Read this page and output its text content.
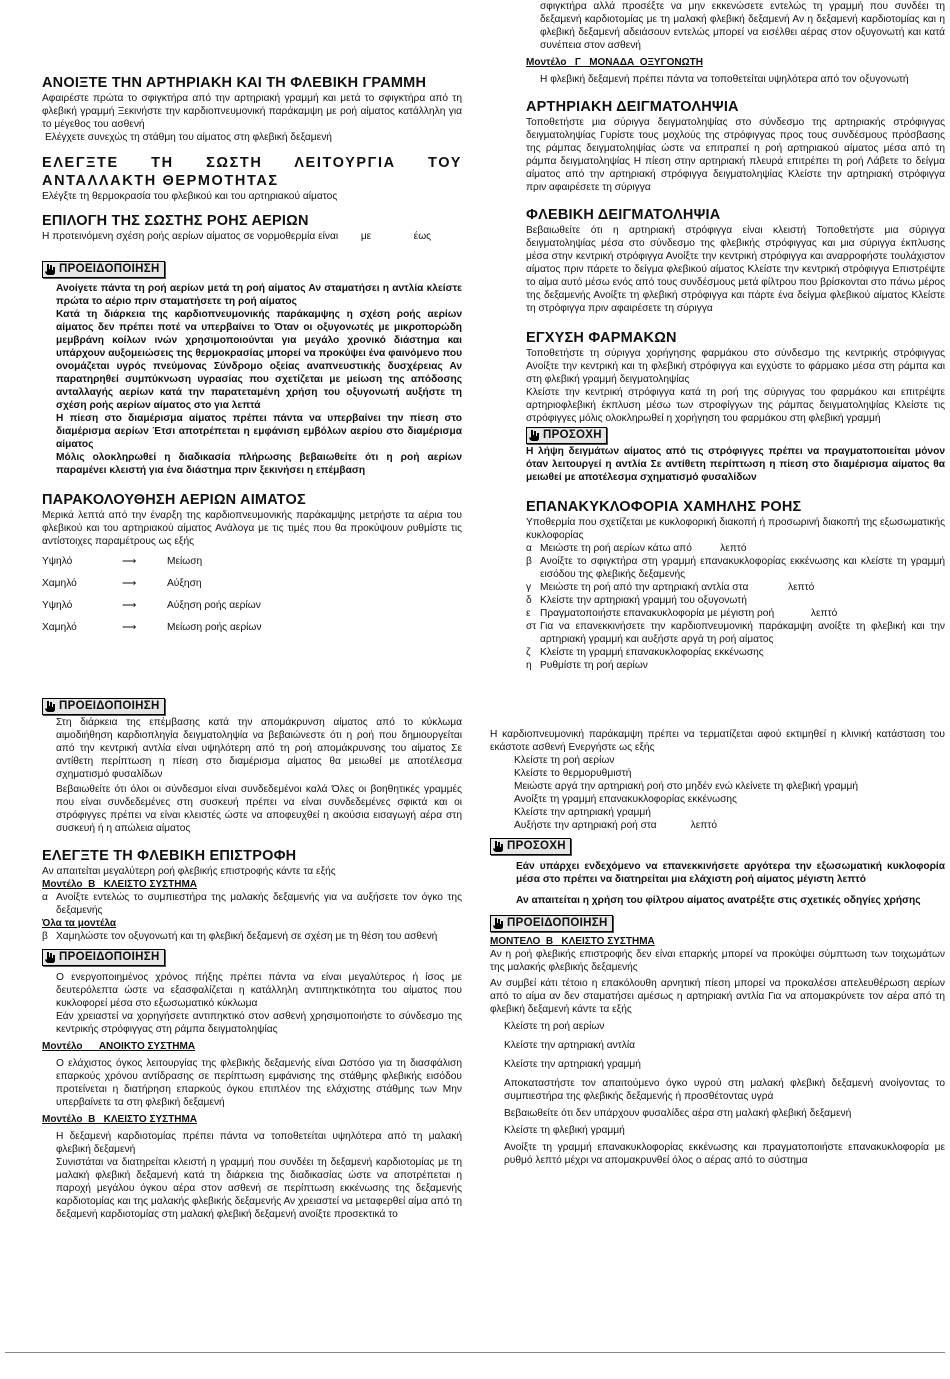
ΑΝΟΙΞΤΕ ΤΗΝ ΑΡΤΗΡΙΑΚΗ ΚΑΙ ΤΗ ΦΛΕΒΙΚΗ ΓΡΑΜΜΗ

Αφαιρέστε πρώτα το σφιγκτήρα από την αρτηριακή γραμμή και μετά το σφιγκτήρα από τη φλεβική γραμμή Ξεκινήστε την καρδιοπνευμονική παράκαμψη με ροή αίματος κατάλληλη για το μέγεθος του ασθενή

Ελέγχετε συνεχώς τη στάθμη του αίματος στη φλεβική δεξαμενή

ΕΛΕΓΞΤΕ ΤΗ ΣΩΣΤΗ ΛΕΙΤΟΥΡΓΙΑ ΤΟΥ ΑΝΤΑΛΛΑΚΤΗ ΘΕΡΜΟΤΗΤΑΣ

Ελέγξτε τη θερμοκρασία του φλεβικού και του αρτηριακού αίματος

ΕΠΙΛΟΓΗ ΤΗΣ ΣΩΣΤΗΣ ΡΟΗΣ ΑΕΡΙΩΝ

Η προτεινόμενη σχέση ροής αερίων αίματος σε νορμοθερμία είναι        με               έως

ΠΡΟΕΙΔΟΠΟΙΗΣΗ

Ανοίγετε πάντα τη ροή αερίων μετά τη ροή αίματος Αν σταματήσει η αντλία κλείστε πρώτα το αέριο πριν σταματήσετε τη ροή αίματος

Κατά τη διάρκεια της καρδιοπνευμονικής παράκαμψης η σχέση ροής αερίων αίματος δεν πρέπει ποτέ να υπερβαίνει το Όταν οι οξυγονωτές με μικροπορώδη μεμβράνη κοίλων ινών χρησιμοποιούνται για μεγάλο χρονικό διάστημα και υπάρχουν αυξομειώσεις της θερμοκρασίας μπορεί να προκύψει ένα φαινόμενο που ονομάζεται υγρός πνεύμονας Σύνδρομο οξείας αναπνευστικής δυσχέρειας Αν παρατηρηθεί συμπύκνωση υγρασίας που σχετίζεται με μείωση της απόδοσης ανταλλαγής αερίων κατά την παρατεταμένη χρήση του οξυγονωτή αυξήστε τη σχέση ροής αερίων αίματος στο για λεπτά

Η πίεση στο διαμέρισμα αίματος πρέπει πάντα να υπερβαίνει την πίεση στο διαμέρισμα αερίων Έτσι αποτρέπεται η εμφάνιση εμβόλων αερίου στο διαμέρισμα αίματος

Μόλις ολοκληρωθεί η διαδικασία πλήρωσης βεβαιωθείτε ότι η ροή αερίων παραμένει κλειστή για ένα διάστημα πριν ξεκινήσει η επέμβαση

ΠΑΡΑΚΟΛΟΥΘΗΣΗ ΑΕΡΙΩΝ ΑΙΜΑΤΟΣ

Μερικά λεπτά από την έναρξη της καρδιοπνευμονικής παράκαμψης μετρήστε τα αέρια του φλεβικού και του αρτηριακού αίματος Ανάλογα με τις τιμές που θα προκύψουν ρυθμίστε τις αντίστοιχες παραμέτρους ως εξής

Υψηλό	⟶	Μείωση
Χαμηλό	⟶	Αύξηση
Υψηλό	⟶	Αύξηση ροής αερίων
Χαμηλό	⟶	Μείωση ροής αερίων
ΠΡΟΕΙΔΟΠΟΙΗΣΗ

Στη διάρκεια της επέμβασης κατά την απομάκρυνση αίματος από το κύκλωμα αιμοδιήθηση καρδιοπληγία δειγματοληψία να βεβαιώνεστε ότι η ροή που δημιουργείται από την κεντρική αντλία είναι υψηλότερη από τη ροή απομάκρυνσης του αίματος Σε αντίθετη περίπτωση η πίεση στο διαμέρισμα αίματος θα μειωθεί με αποτέλεσμα σχηματισμό φυσαλίδων

Βεβαιωθείτε ότι όλοι οι σύνδεσμοι είναι συνδεδεμένοι καλά Όλες οι βοηθητικές γραμμές που είναι συνδεδεμένες στη συσκευή πρέπει να είναι συνδεδεμένες σφικτά και οι στρόφιγγες πρέπει να είναι κλειστές ώστε να αποφευχθεί η ακούσια εισαγωγή αέρα στη συσκευή ή η απώλεια αίματος

ΕΛΕΓΞΤΕ ΤΗ ΦΛΕΒΙΚΗ ΕΠΙΣΤΡΟΦΗ

Αν απαιτείται μεγαλύτερη ροή φλεβικής επιστροφής κάντε τα εξής

Μοντέλο  Β   ΚΛΕΙΣΤΟ ΣΥΣΤΗΜΑ
α Ανοίξτε εντελώς το συμπιεστήρα της μαλακής δεξαμενής για να αυξήσετε τον όγκο της δεξαμενής

Όλα τα μοντέλα
β Χαμηλώστε τον οξυγονωτή και τη φλεβική δεξαμενή σε σχέση με τη θέση του ασθενή

ΠΡΟΕΙΔΟΠΟΙΗΣΗ

Ο ενεργοποιημένος χρόνος πήξης πρέπει πάντα να είναι μεγαλύτερος ή ίσος με δευτερόλεπτα ώστε να εξασφαλίζεται η κατάλληλη αντιπηκτικότητα του αίματος που κυκλοφορεί μέσα στο εξωσωματικό κύκλωμα

Εάν χρειαστεί να χορηγήσετε αντιπηκτικό στον ασθενή χρησιμοποιήστε το σύνδεσμο της κεντρικής στρόφιγγας στη ράμπα δειγματοληψίας

Μοντέλο      ΑΝΟΙΚΤΟ ΣΥΣΤΗΜΑ

Ο ελάχιστος όγκος λειτουργίας της φλεβικής δεξαμενής είναι Ωστόσο για τη διασφάλιση επαρκούς χρόνου αντίδρασης σε περίπτωση εμφάνισης της στάθμης φλεβικής εισόδου προτείνεται η διατήρηση επαρκούς όγκου επιπλέον της ελάχιστης στάθμης των Μην υπερβαίνετε τα στη φλεβική δεξαμενή

Μοντέλο  Β   ΚΛΕΙΣΤΟ ΣΥΣΤΗΜΑ

Η δεξαμενή καρδιοτομίας πρέπει πάντα να τοποθετείται υψηλότερα από τη μαλακή φλεβική δεξαμενή

Συνιστάται να διατηρείται κλειστή η γραμμή που συνδέει τη δεξαμενή καρδιοτομίας με τη μαλακή φλεβική δεξαμενή κατά τη διάρκεια της διαδικασίας ώστε να αποτρέπεται η παροχή μεγάλου όγκου αέρα στον ασθενή σε περίπτωση εκκένωσης της δεξαμενής καρδιοτομίας και της μαλακής φλεβικής δεξαμενής Αν χρειαστεί να μεταφερθεί αίμα από τη δεξαμενή καρδιοτομίας στη μαλακή φλεβική δεξαμενή ανοίξτε προσεκτικά το

σφιγκτήρα αλλά προσέξτε να μην εκκενώσετε εντελώς τη γραμμή που συνδέει τη δεξαμενή καρδιοτομίας με τη μαλακή φλεβική δεξαμενή Αν η δεξαμενή καρδιοτομίας και η φλεβική δεξαμενή αδειάσουν εντελώς μπορεί να εισέλθει αέρας στον οξυγονωτή και κατά συνέπεια στον ασθενή

Μοντέλο   Γ   ΜΟΝΑΔΑ  ΟΞΥΓΟΝΩΤΗ

Η φλεβική δεξαμενή πρέπει πάντα να τοποθετείται υψηλότερα από τον οξυγονωτή

ΑΡΤΗΡΙΑΚΗ ΔΕΙΓΜΑΤΟΛΗΨΙΑ

Τοποθετήστε μια σύριγγα δειγματοληψίας στο σύνδεσμο της αρτηριακής στρόφιγγας δειγματοληψίας Γυρίστε τους μοχλούς της στρόφιγγας προς τους συνδέσμους πρόσβασης της ράμπας δειγματοληψίας ώστε να επιτραπεί η ροή αρτηριακού αίματος μέσα από τη ράμπα δειγματοληψίας Η πίεση στην αρτηριακή πλευρά επιτρέπει τη ροή Λάβετε το δείγμα αίματος από την αρτηριακή στρόφιγγα δειγματοληψίας Κλείστε την αρτηριακή στρόφιγγα πριν αφαιρέσετε τη σύριγγα

ΦΛΕΒΙΚΗ ΔΕΙΓΜΑΤΟΛΗΨΙΑ

Βεβαιωθείτε ότι η αρτηριακή στρόφιγγα είναι κλειστή Τοποθετήστε μια σύριγγα δειγματοληψίας μέσα στο σύνδεσμο της φλεβικής στρόφιγγας και μια σύριγγα έκπλυσης μέσα στην κεντρική στρόφιγγα Ανοίξτε την κεντρική στρόφιγγα και αναρροφήστε τουλάχιστον αίματος πριν πάρετε το δείγμα φλεβικού αίματος Κλείστε την κεντρική στρόφιγγα Επιστρέψτε το αίμα αυτό μέσω ενός από τους συνδέσμους μετά φίλτρου που βρίσκονται στο πάνω μέρος της δεξαμενής Ανοίξτε τη φλεβική στρόφιγγα και πάρτε ένα δείγμα φλεβικού αίματος Κλείστε τη στρόφιγγα πριν αφαιρέσετε τη σύριγγα

ΕΓΧΥΣΗ ΦΑΡΜΑΚΩΝ

Τοποθετήστε τη σύριγγα χορήγησης φαρμάκου στο σύνδεσμο της κεντρικής στρόφιγγας Ανοίξτε την κεντρική και τη φλεβική στρόφιγγα και εγχύστε το φάρμακο μέσα στη ράμπα και στη φλεβική γραμμή δειγματοληψίας

Κλείστε την κεντρική στρόφιγγα κατά τη ροή της σύριγγας του φαρμάκου και επιτρέψτε αρτηριοφλεβική έκπλυση μέσω των στροφίγγων της ράμπας δειγματοληψίας Κλείστε τις στρόφιγγες μόλις ολοκληρωθεί η χορήγηση του φαρμάκου στη φλεβική γραμμή

ΠΡΟΣΟΧΗ

Η λήψη δειγμάτων αίματος από τις στρόφιγγες πρέπει να πραγματοποιείται μόνον όταν λειτουργεί η αντλία Σε αντίθετη περίπτωση η πίεση στο διαμέρισμα αίματος θα μειωθεί με αποτέλεσμα σχηματισμό φυσαλίδων

ΕΠΑΝΑΚΥΚΛΟΦΟΡΙΑ ΧΑΜΗΛΗΣ ΡΟΗΣ

Υποθερμία που σχετίζεται με κυκλοφορική διακοπή ή προσωρινή διακοπή της εξωσωματικής κυκλοφορίας

α Μειώστε τη ροή αερίων κάτω από          λεπτό

β Ανοίξτε το σφιγκτήρα στη γραμμή επανακυκλοφορίας εκκένωσης και κλείστε τη γραμμή εισόδου της φλεβικής δεξαμενής

γ Μειώστε τη ροή από την αρτηριακή αντλία στα              λεπτό

δ Κλείστε την αρτηριακή γραμμή του οξυγονωτή

ε Πραγματοποιήστε επανακυκλοφορία με μέγιστη ροή             λεπτό

στ Για να επανεκκινήσετε την καρδιοπνευμονική παράκαμψη ανοίξτε τη φλεβική και την αρτηριακή γραμμή και αυξήστε αργά τη ροή αίματος

ζ Κλείστε τη γραμμή επανακυκλοφορίας εκκένωσης

η Ρυθμίστε τη ροή αερίων

Η καρδιοπνευμονική παράκαμψη πρέπει να τερματίζεται αφού εκτιμηθεί η κλινική κατάσταση του εκάστοτε ασθενή Ενεργήστε ως εξής

Κλείστε τη ροή αερίων
Κλείστε το θερμορυθμιστή
Μειώστε αργά την αρτηριακή ροή στο μηδέν ενώ κλείνετε τη φλεβική γραμμή
Ανοίξτε τη γραμμή επανακυκλοφορίας εκκένωσης
Κλείστε την αρτηριακή γραμμή
Αυξήστε την αρτηριακή ροή στα            λεπτό
ΠΡΟΣΟΧΗ

Εάν υπάρχει ενδεχόμενο να επανεκκινήσετε αργότερα την εξωσωματική κυκλοφορία μέσα στο πρέπει να διατηρείται μια ελάχιστη ροή αίματος μέγιστη λεπτό

Αν απαιτείται η χρήση του φίλτρου αίματος ανατρέξτε στις σχετικές οδηγίες χρήσης

ΠΡΟΕΙΔΟΠΟΙΗΣΗ
ΜΟΝΤΕΛΟ  Β   ΚΛΕΙΣΤΟ ΣΥΣΤΗΜΑ

Αν η ροή φλεβικής επιστροφής δεν είναι επαρκής μπορεί να προκύψει σύμπτωση των τοιχωμάτων της μαλακής φλεβικής δεξαμενής

Αν συμβεί κάτι τέτοιο η επακόλουθη αρνητική πίεση μπορεί να προκαλέσει απελευθέρωση αερίων από το αίμα αν δεν σταματήσει αμέσως η αρτηριακή αντλία Για να απομακρύνετε τον αέρα από τη φλεβική δεξαμενή κάντε τα εξής

Κλείστε τη ροή αερίων
Κλείστε την αρτηριακή αντλία
Κλείστε την αρτηριακή γραμμή

Αποκαταστήστε τον απαιτούμενο όγκο υγρού στη μαλακή φλεβική δεξαμενή ανοίγοντας το συμπιεστήρα της φλεβικής δεξαμενής ή προσθέτοντας υγρά

Βεβαιωθείτε ότι δεν υπάρχουν φυσαλίδες αέρα στη μαλακή φλεβική δεξαμενή
Κλείστε τη φλεβική γραμμή

Ανοίξτε τη γραμμή επανακυκλοφορίας εκκένωσης και πραγματοποιήστε επανακυκλοφορία με ρυθμό λεπτό μέχρι να απομακρυνθεί όλος ο αέρας από το σύστημα
